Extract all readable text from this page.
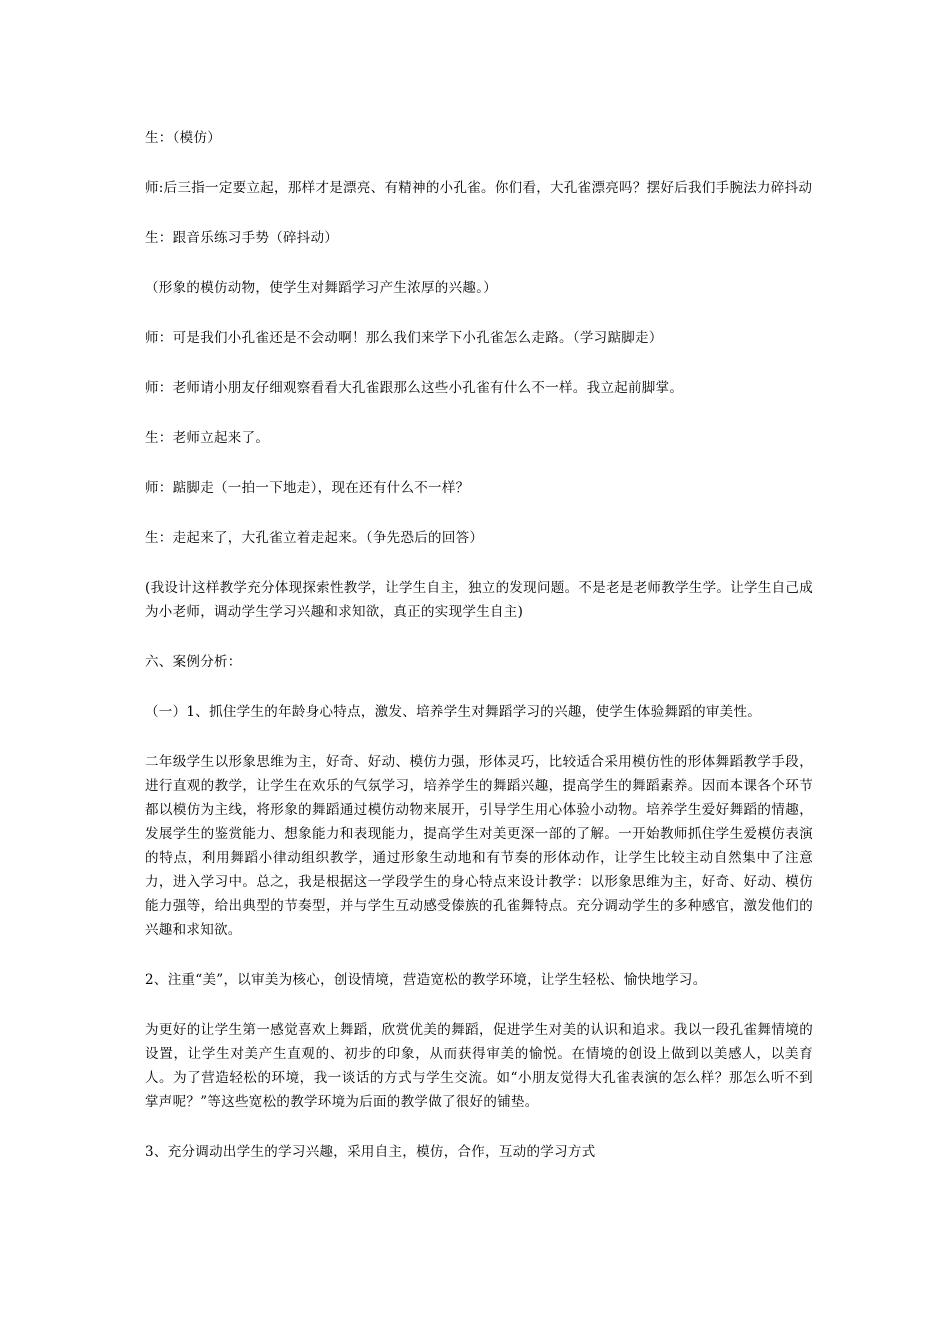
生：（模仿）

师:后三指一定要立起，那样才是漂亮、有精神的小孔雀。你们看，大孔雀漂亮吗？摆好后我们手腕法力碎抖动

生：跟音乐练习手势（碎抖动）

（形象的模仿动物，使学生对舞蹈学习产生浓厚的兴趣。）

师：可是我们小孔雀还是不会动啊！那么我们来学下小孔雀怎么走路。（学习踮脚走）

师：老师请小朋友仔细观察看看大孔雀跟那么这些小孔雀有什么不一样。我立起前脚掌。

生：老师立起来了。

师：踮脚走（一拍一下地走），现在还有什么不一样？

生：走起来了，大孔雀立着走起来。（争先恐后的回答）

(我设计这样教学充分体现探索性教学，让学生自主，独立的发现问题。不是老是老师教学生学。让学生自己成为小老师，调动学生学习兴趣和求知欲，真正的实现学生自主)

六、案例分析：

（一）1、抓住学生的年龄身心特点，激发、培养学生对舞蹈学习的兴趣，使学生体验舞蹈的审美性。

二年级学生以形象思维为主，好奇、好动、模仿力强，形体灵巧，比较适合采用模仿性的形体舞蹈教学手段，进行直观的教学，让学生在欢乐的气氛学习，培养学生的舞蹈兴趣，提高学生的舞蹈素养。因而本课各个环节都以模仿为主线，将形象的舞蹈通过模仿动物来展开，引导学生用心体验小动物。培养学生爱好舞蹈的情趣，发展学生的鉴赏能力、想象能力和表现能力，提高学生对美更深一部的了解。一开始教师抓住学生爱模仿表演的特点，利用舞蹈小律动组织教学，通过形象生动地和有节奏的形体动作，让学生比较主动自然集中了注意力，进入学习中。总之，我是根据这一学段学生的身心特点来设计教学：以形象思维为主，好奇、好动、模仿能力强等，给出典型的节奏型，并与学生互动感受傣族的孔雀舞特点。充分调动学生的多种感官，激发他们的兴趣和求知欲。

2、注重“美”，以审美为核心，创设情境，营造宽松的教学环境，让学生轻松、愉快地学习。

为更好的让学生第一感觉喜欢上舞蹈，欣赏优美的舞蹈，促进学生对美的认识和追求。我以一段孔雀舞情境的设置，让学生对美产生直观的、初步的印象，从而获得审美的愉悦。在情境的创设上做到以美感人，以美育人。为了营造轻松的环境，我一谈话的方式与学生交流。如“小朋友觉得大孔雀表演的怎么样？那怎么听不到掌声呢？”等这些宽松的教学环境为后面的教学做了很好的铺垫。

3、充分调动出学生的学习兴趣，采用自主，模仿，合作，互动的学习方式
